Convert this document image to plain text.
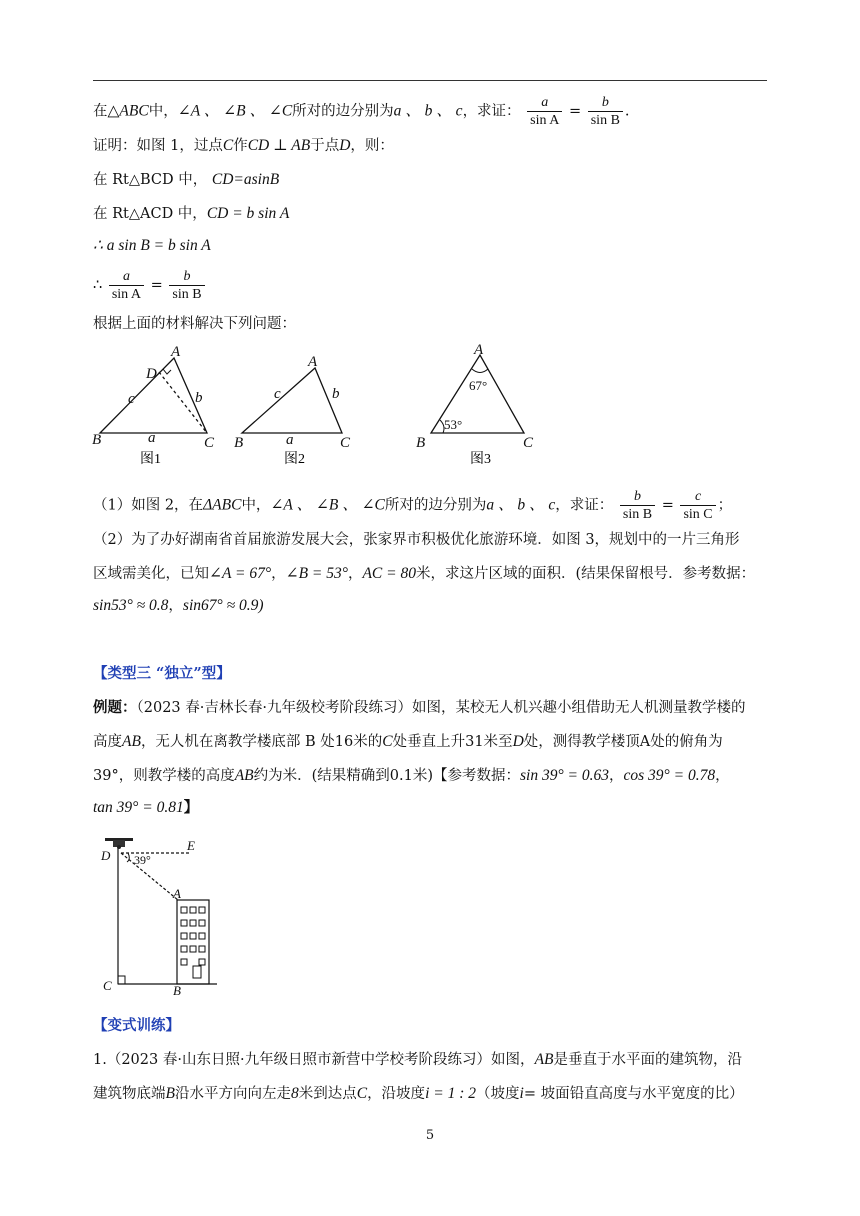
在△ABC中，∠A 、 ∠B 、 ∠C所对的边分别为a 、 b 、 c，求证： $\frac{a}{\text{sin A}} = \frac{b}{\text{sin B}}$ .
证明：如图 1，过点C作CD ⊥ AB于点D，则：
在 Rt△BCD 中， CD=asinB
在 Rt△ACD 中，CD = b sin A
∴ a sin B = b sin A
∴ $\frac{a}{\text{sin A}} = \frac{b}{\text{sin B}}$
根据上面的材料解决下列问题：
A
B	C
D
c	b
a
图1
A
B	C
c	b
a
图2
A
B	C
67°
53°
图3
（1）如图 2，在ΔABC中，∠A 、 ∠B 、 ∠C所对的边分别为a 、 b 、 c，求证： $\frac{b}{\text{sin B}} = \frac{c}{\text{sin C}}$ ；
（2）为了办好湖南省首届旅游发展大会，张家界市积极优化旅游环境．如图 3，规划中的一片三角形
区域需美化，已知∠A = 67°，∠B = 53°，AC = 80米，求这片区域的面积．(结果保留根号．参考数据：
sin53° ≈ 0.8，sin67° ≈ 0.9)
【类型三 “独立”型】
例题：（2023 春·吉林长春·九年级校考阶段练习）如图，某校无人机兴趣小组借助无人机测量教学楼的
高度AB，无人机在离教学楼底部 B 处16米的C处垂直上升31米至D处，测得教学楼顶A处的俯角为
39°，则教学楼的高度AB约为米．(结果精确到0.1米)【参考数据：sin 39° = 0.63，cos 39° = 0.78，
tan 39° = 0.81】
D
E
A
C	B
39°
【变式训练】
1.（2023 春·山东日照·九年级日照市新营中学校考阶段练习）如图，AB是垂直于水平面的建筑物，沿
建筑物底端B沿水平方向向左走8米到达点C，沿坡度i = 1 : 2（坡度i= 坡面铅直高度与水平宽度的比）
5
